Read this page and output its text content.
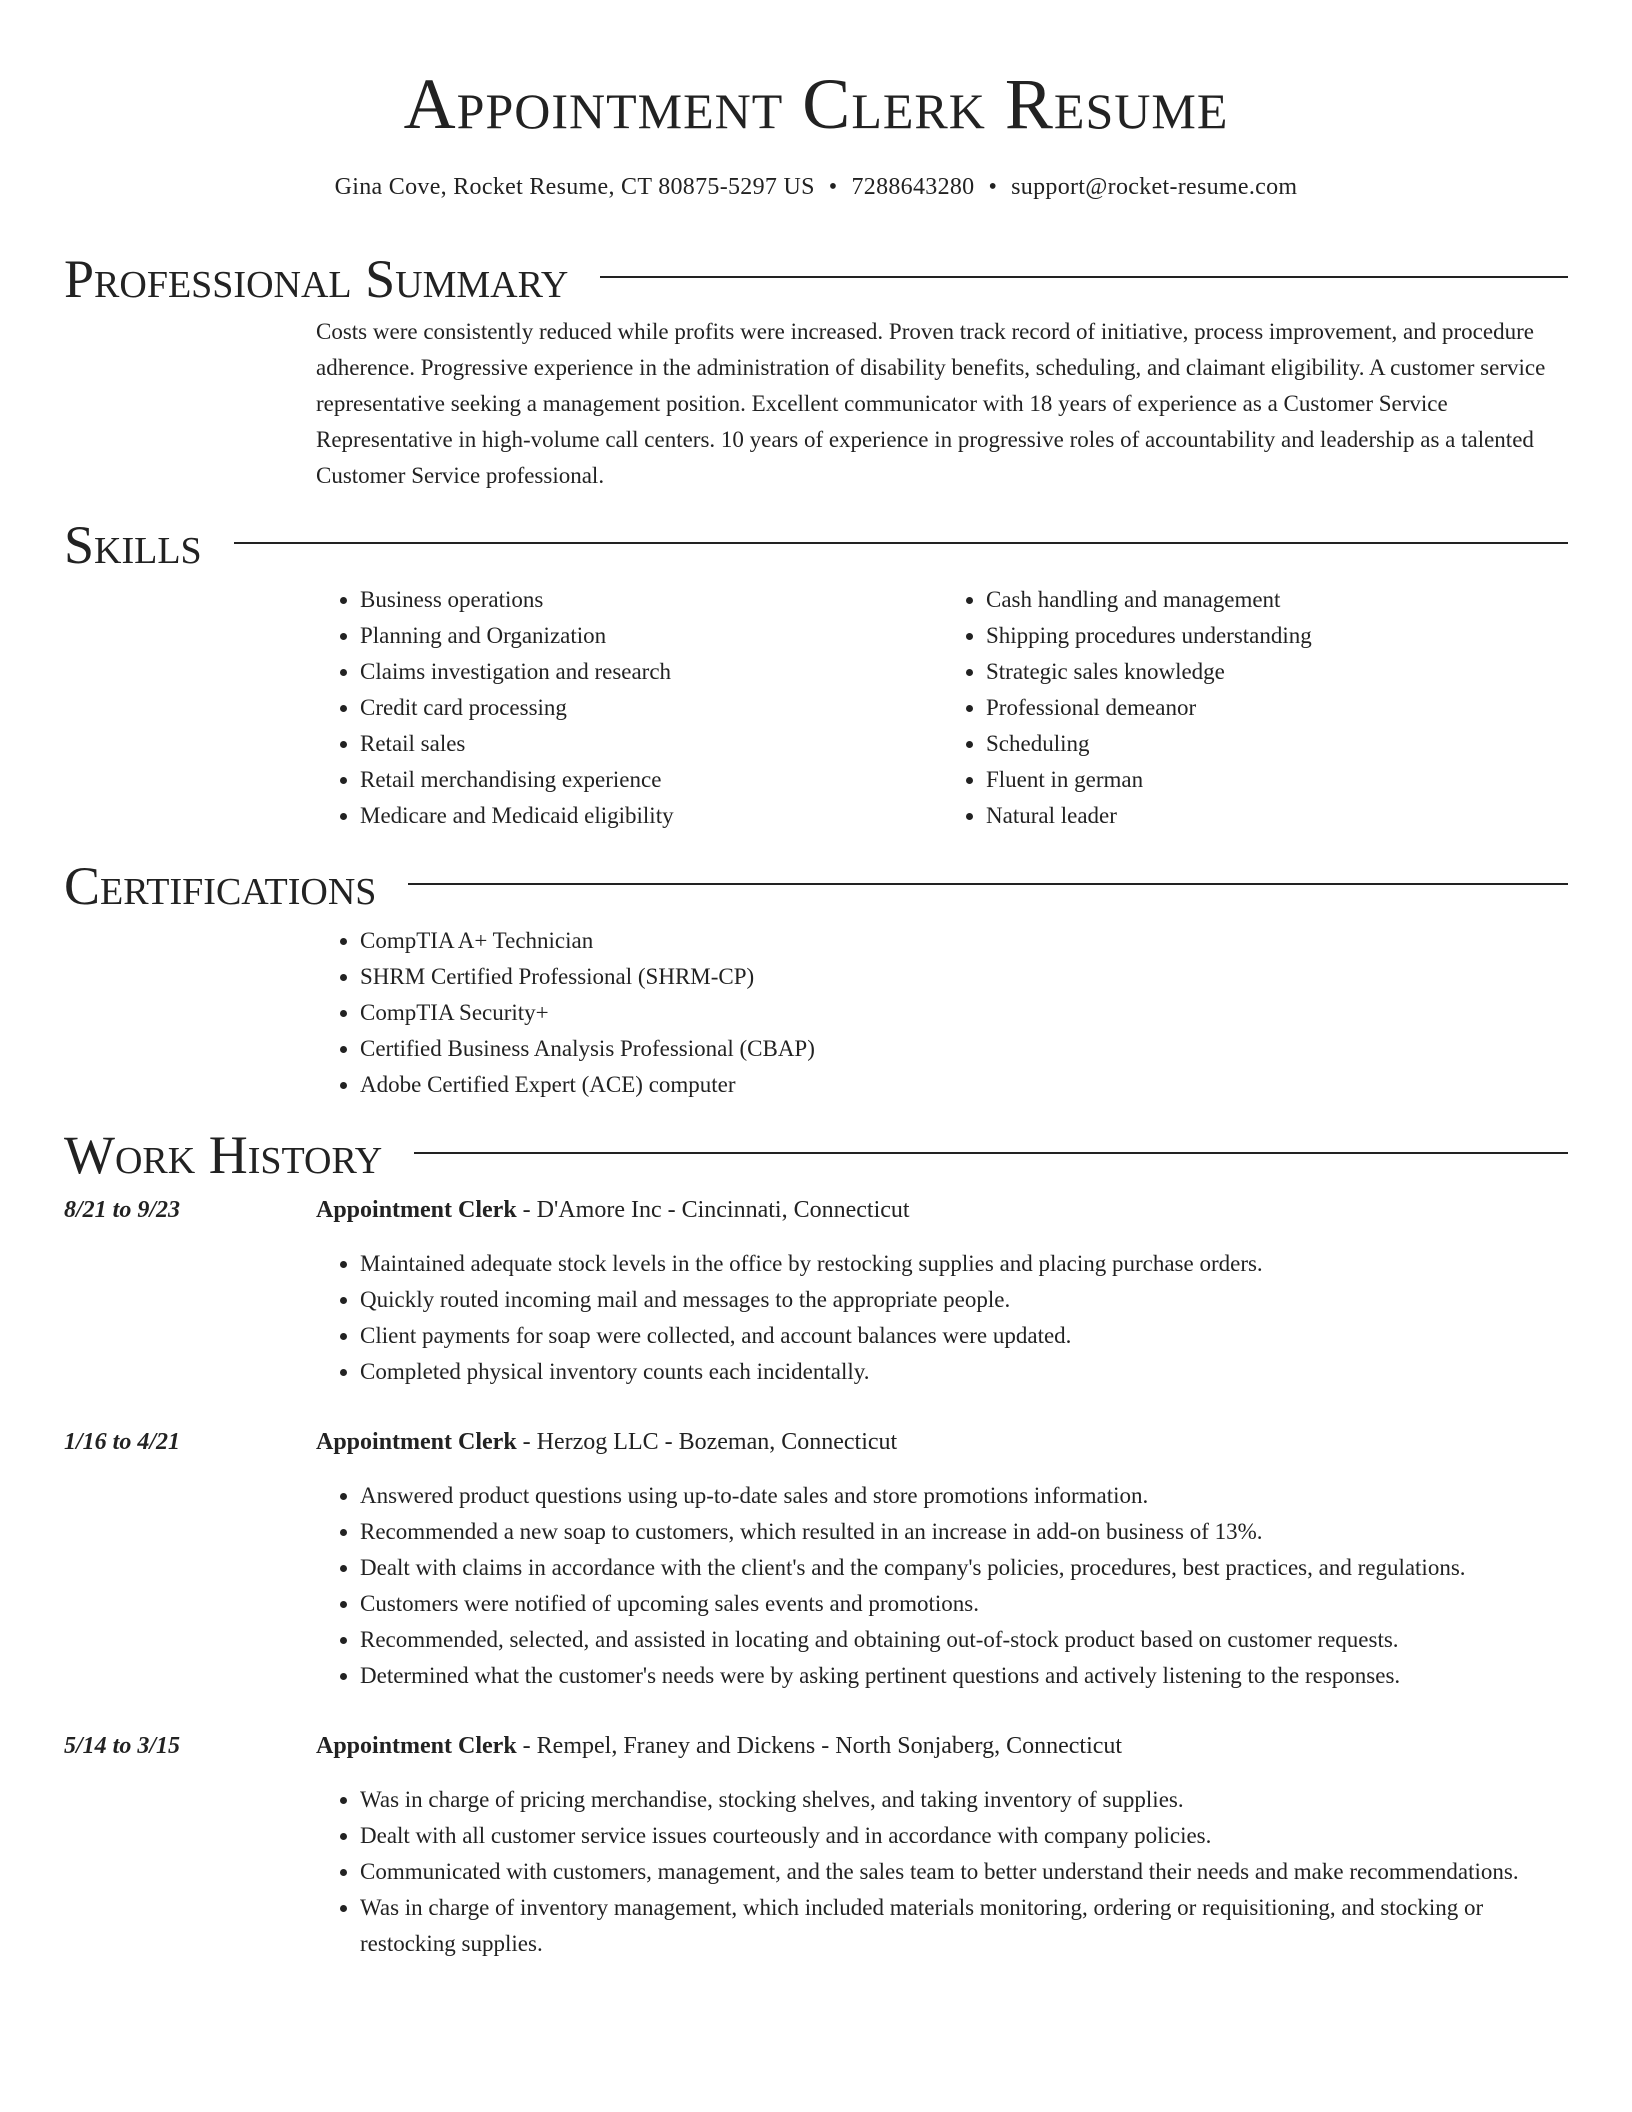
Appointment Clerk Resume
Gina Cove, Rocket Resume, CT 80875-5297 US • 7288643280 • support@rocket-resume.com
Professional Summary

Costs were consistently reduced while profits were increased. Proven track record of initiative, process improvement, and procedure adherence. Progressive experience in the administration of disability benefits, scheduling, and claimant eligibility. A customer service representative seeking a management position. Excellent communicator with 18 years of experience as a Customer Service Representative in high-volume call centers. 10 years of experience in progressive roles of accountability and leadership as a talented Customer Service professional.

Skills
• Business operations
• Planning and Organization
• Claims investigation and research
• Credit card processing
• Retail sales
• Retail merchandising experience
• Medicare and Medicaid eligibility
• Cash handling and management
• Shipping procedures understanding
• Strategic sales knowledge
• Professional demeanor
• Scheduling
• Fluent in german
• Natural leader
Certifications
• CompTIA A+ Technician
• SHRM Certified Professional (SHRM-CP)
• CompTIA Security+
• Certified Business Analysis Professional (CBAP)
• Adobe Certified Expert (ACE) computer
Work History
8/21 to 9/23	Appointment Clerk - D'Amore Inc - Cincinnati, Connecticut
• Maintained adequate stock levels in the office by restocking supplies and placing purchase orders.
• Quickly routed incoming mail and messages to the appropriate people.
• Client payments for soap were collected, and account balances were updated.
• Completed physical inventory counts each incidentally.
1/16 to 4/21	Appointment Clerk - Herzog LLC - Bozeman, Connecticut
• Answered product questions using up-to-date sales and store promotions information.
• Recommended a new soap to customers, which resulted in an increase in add-on business of 13%.
• Dealt with claims in accordance with the client's and the company's policies, procedures, best practices, and regulations.
• Customers were notified of upcoming sales events and promotions.
• Recommended, selected, and assisted in locating and obtaining out-of-stock product based on customer requests.
• Determined what the customer's needs were by asking pertinent questions and actively listening to the responses.
5/14 to 3/15	Appointment Clerk - Rempel, Franey and Dickens - North Sonjaberg, Connecticut
• Was in charge of pricing merchandise, stocking shelves, and taking inventory of supplies.
• Dealt with all customer service issues courteously and in accordance with company policies.
• Communicated with customers, management, and the sales team to better understand their needs and make recommendations.
• Was in charge of inventory management, which included materials monitoring, ordering or requisitioning, and stocking or restocking supplies.
